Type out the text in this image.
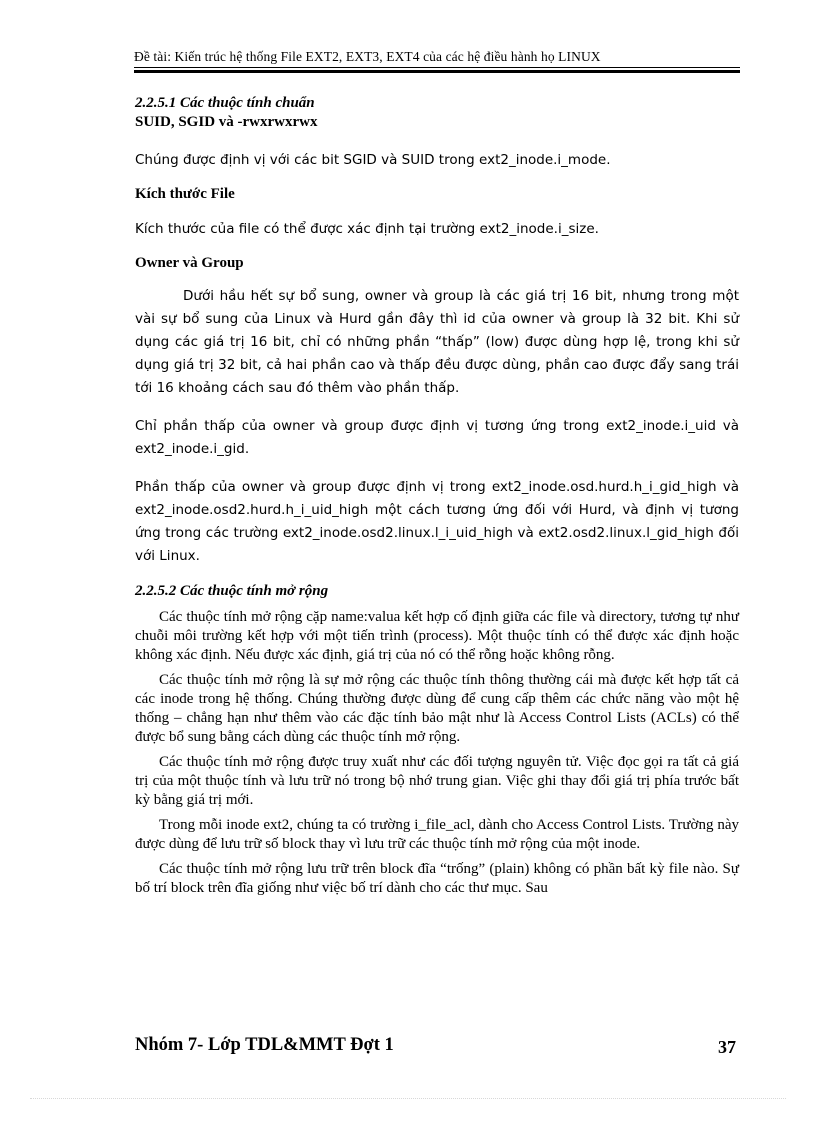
Đề tài: Kiến trúc hệ thống File EXT2, EXT3, EXT4 của các hệ điều hành họ LINUX
2.2.5.1 Các thuộc tính chuẩn
SUID, SGID và -rwxrwxrwx

Chúng được định vị với các bit SGID và SUID trong ext2_inode.i_mode.

Kích thước File

Kích thước của file có thể được xác định tại trường ext2_inode.i_size.

Owner và Group

Dưới hầu hết sự bổ sung, owner và group là các giá trị 16 bit, nhưng trong một vài sự bổ sung của Linux và Hurd gần đây thì id của owner và group là 32 bit. Khi sử dụng các giá trị 16 bit, chỉ có những phần “thấp” (low) được dùng hợp lệ, trong khi sử dụng giá trị 32 bit, cả hai phần cao và thấp đều được dùng, phần cao được đẩy sang trái tới 16 khoảng cách sau đó thêm vào phần thấp.

Chỉ phần thấp của owner và group được định vị tương ứng trong ext2_inode.i_uid và ext2_inode.i_gid.

Phần thấp của owner và group được định vị trong ext2_inode.osd.hurd.h_i_gid_high và ext2_inode.osd2.hurd.h_i_uid_high một cách tương ứng đối với Hurd, và định vị tương ứng trong các trường ext2_inode.osd2.linux.l_i_uid_high và ext2.osd2.linux.l_gid_high đối với Linux.

2.2.5.2 Các thuộc tính mở rộng

Các thuộc tính mở rộng cặp name:valua kết hợp cố định giữa các file và directory, tương tự như chuỗi môi trường kết hợp với một tiến trình (process). Một thuộc tính có thể được xác định hoặc không xác định. Nếu được xác định, giá trị của nó có thể rỗng hoặc không rỗng.

Các thuộc tính mở rộng là sự mở rộng các thuộc tính thông thường cái mà được kết hợp tất cả các inode trong hệ thống. Chúng thường được dùng để cung cấp thêm các chức năng vào một hệ thống – chẳng hạn như thêm vào các đặc tính bảo mật như là Access Control Lists (ACLs) có thể được bổ sung bằng cách dùng các thuộc tính mở rộng.

Các thuộc tính mở rộng được truy xuất như các đối tượng nguyên tử. Việc đọc gọi ra tất cả giá trị của một thuộc tính và lưu trữ nó trong bộ nhớ trung gian. Việc ghi thay đổi giá trị phía trước bất kỳ bằng giá trị mới.

Trong mỗi inode ext2, chúng ta có trường i_file_acl, dành cho Access Control Lists. Trường này được dùng để lưu trữ số block thay vì lưu trữ các thuộc tính mở rộng của một inode.

Các thuộc tính mở rộng lưu trữ trên block đĩa “trống” (plain) không có phần bất kỳ file nào. Sự bố trí block trên đĩa giống như việc bố trí dành cho các thư mục. Sau

Nhóm 7- Lớp TDL&MMT Đợt 1	37
